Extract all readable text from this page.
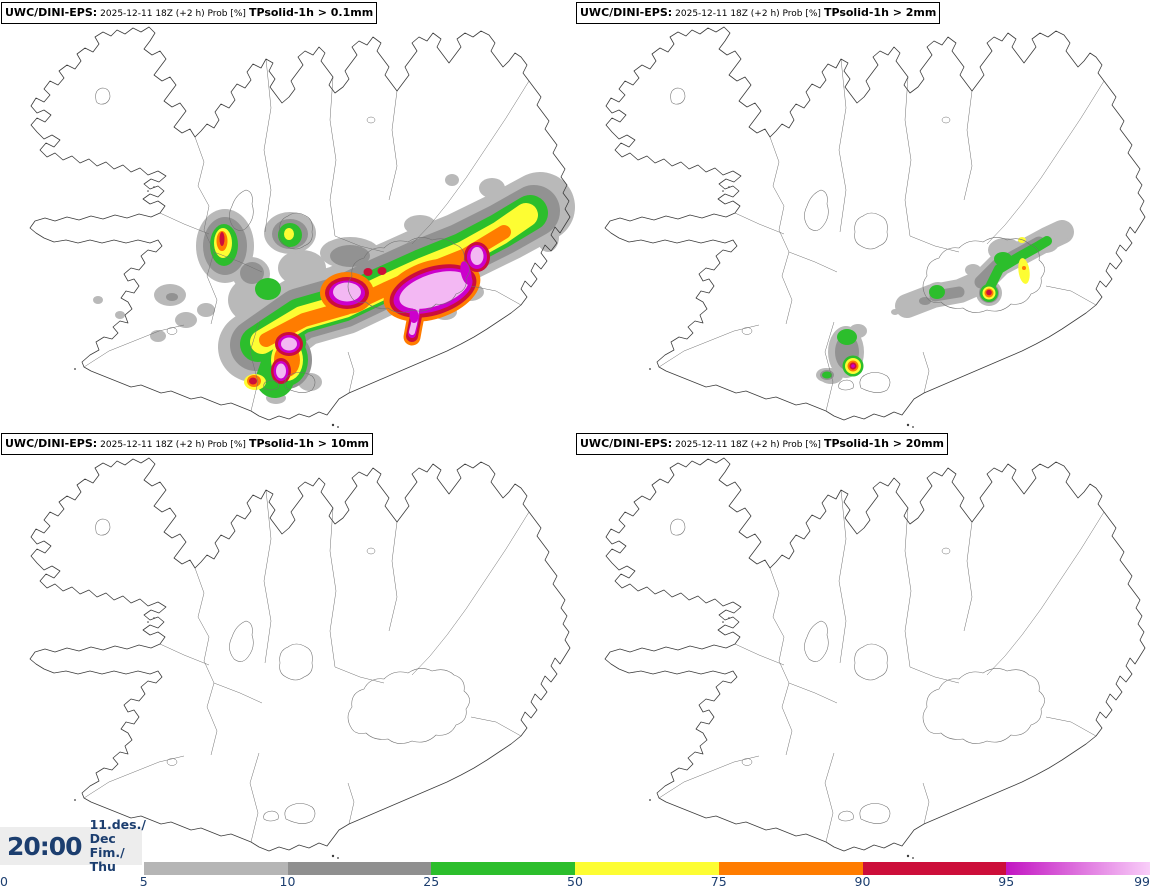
UWC/DINI-EPS: 2025-12-11 18Z (+2 h) Prob [%] TPsolid-1h > 0.1mm	UWC/DINI-EPS: 2025-12-11 18Z (+2 h) Prob [%] TPsolid-1h > 2mm
UWC/DINI-EPS: 2025-12-11 18Z (+2 h) Prob [%] TPsolid-1h > 10mm	UWC/DINI-EPS: 2025-12-11 18Z (+2 h) Prob [%] TPsolid-1h > 20mm
20:00
11.des./ Dec
Fim./ Thu
0	5	10	25	50	75	90	95	99
